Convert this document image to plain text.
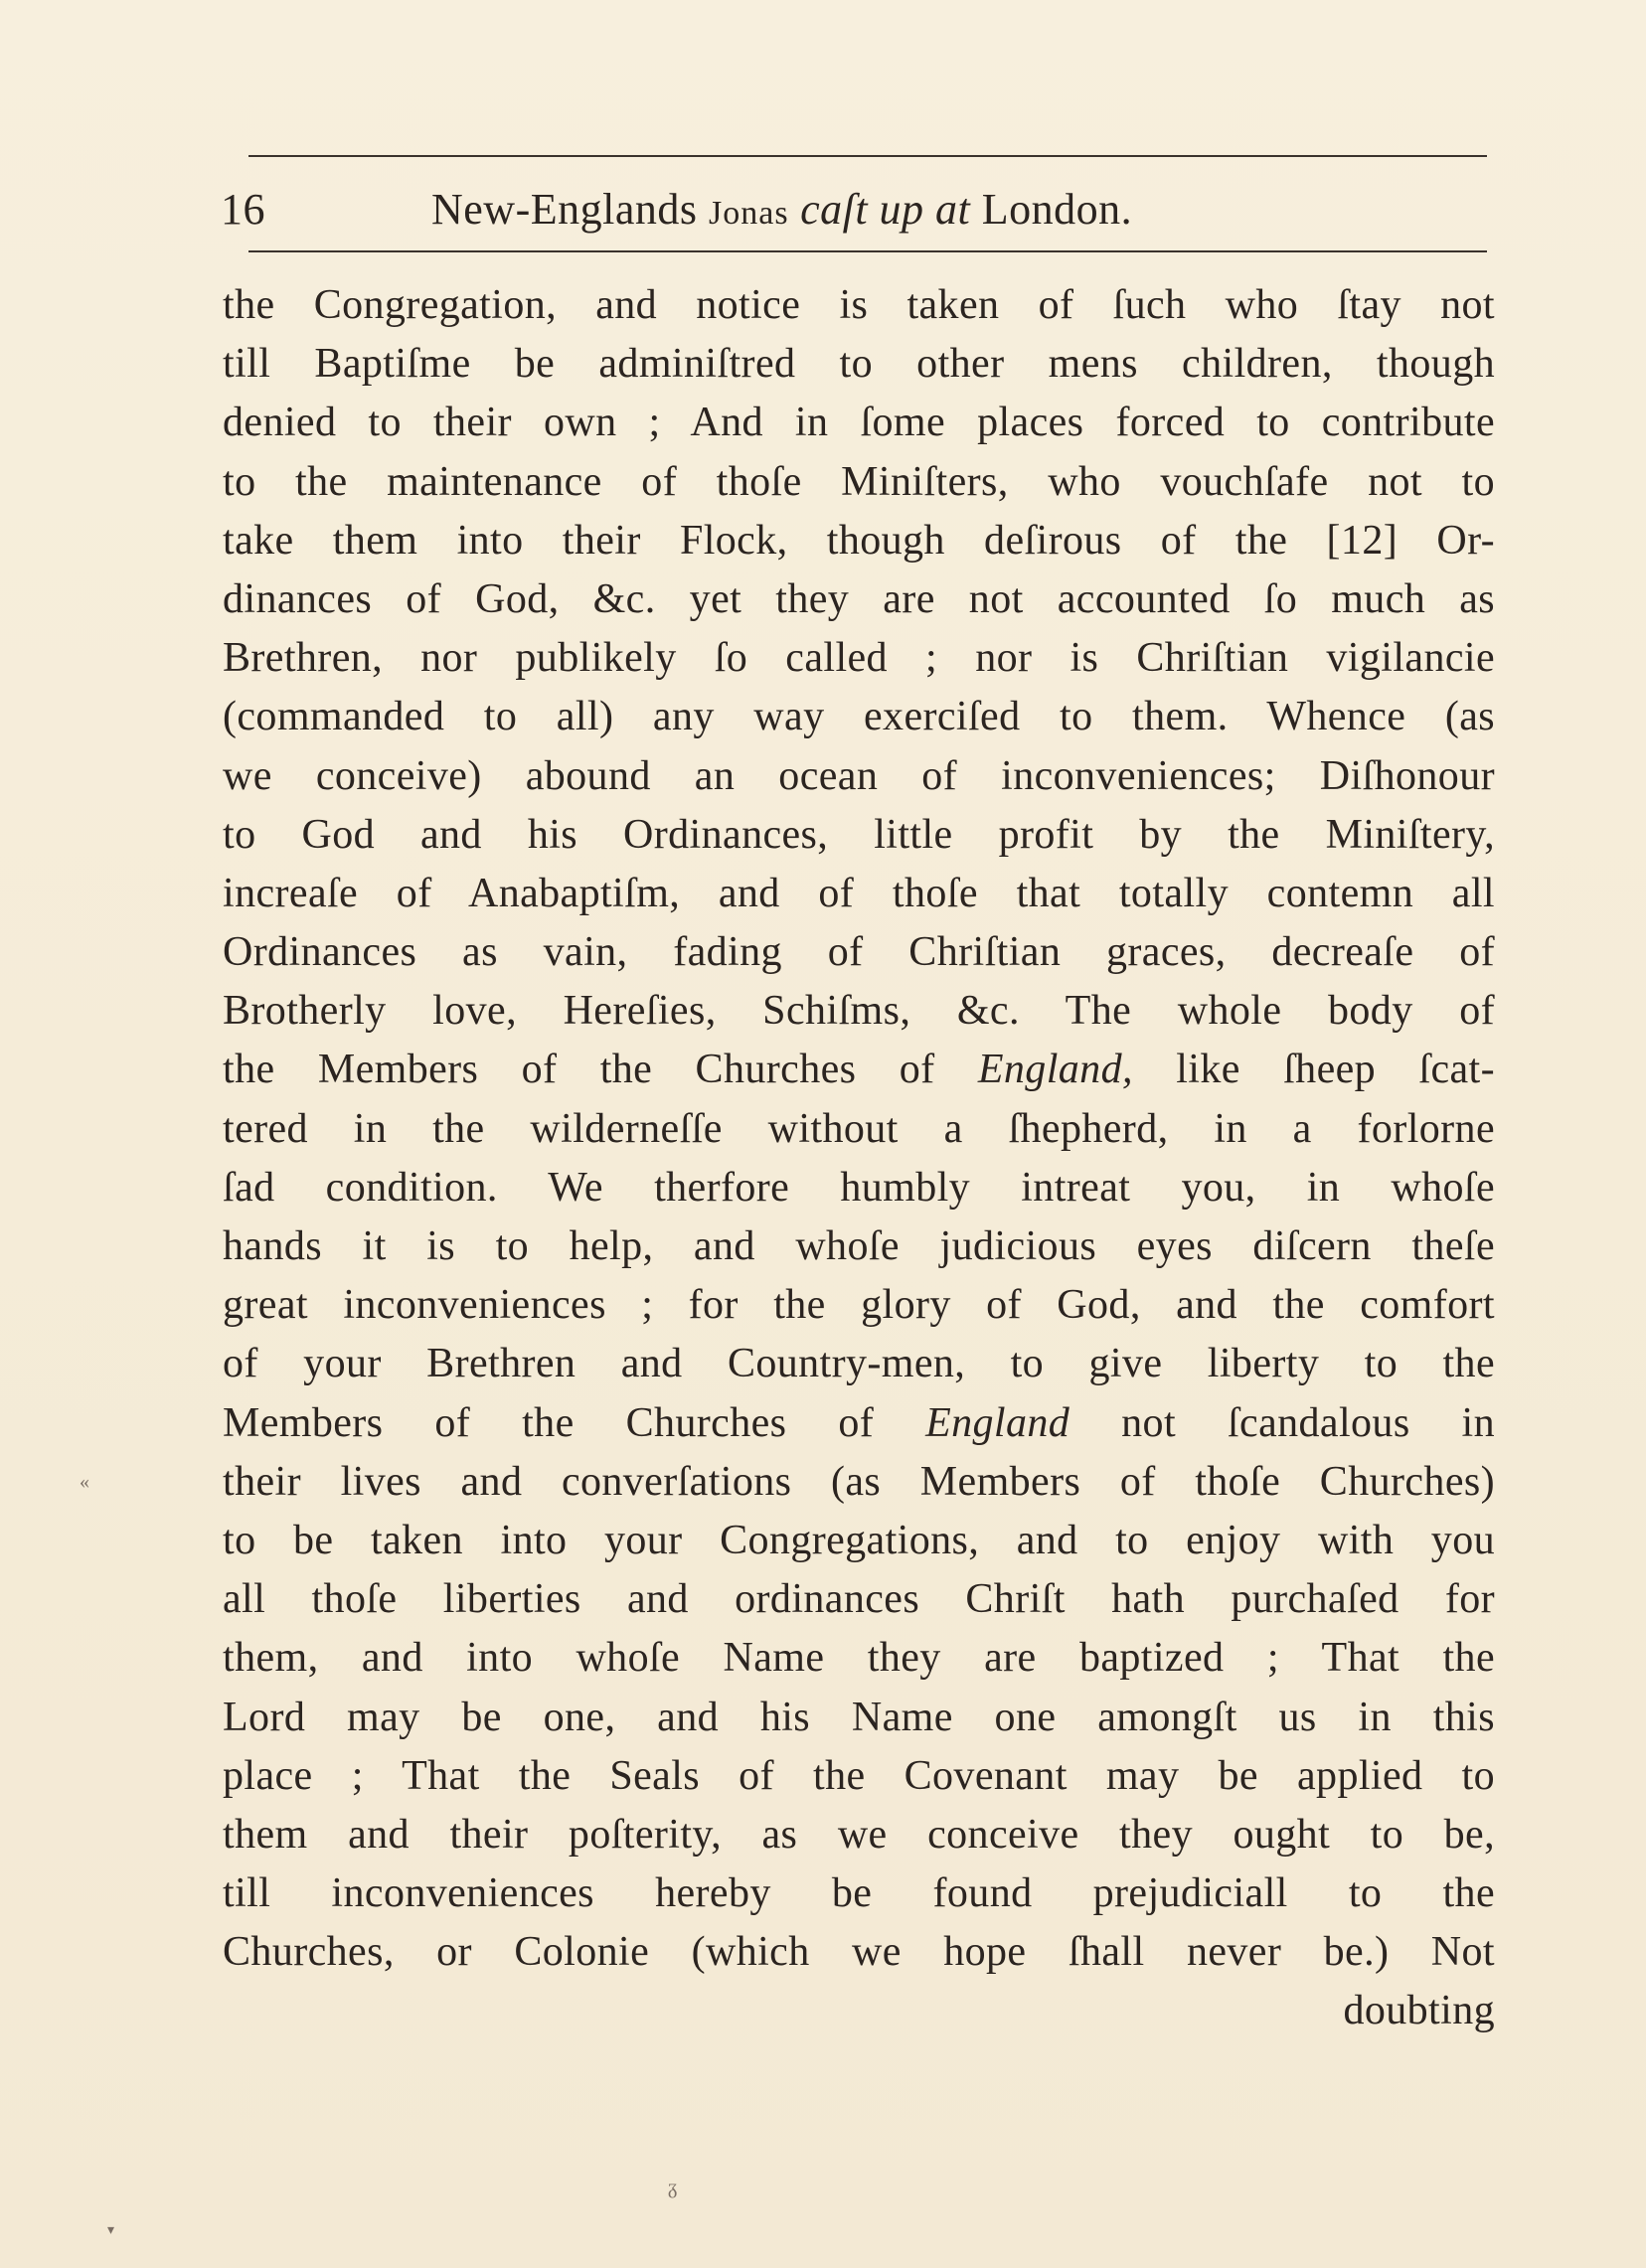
16	New-Englands Jonas caſt up at London.
the Congregation, and notice is taken of ſuch who ſtay not
till Baptiſme be adminiſtred to other mens children, though
denied to their own ; And in ſome places forced to contribute
to the maintenance of thoſe Miniſters, who vouchſafe not to
take them into their Flock, though deſirous of the [12] Or-
dinances of God, &c. yet they are not accounted ſo much as
Brethren, nor publikely ſo called ; nor is Chriſtian vigilancie
(commanded to all) any way exerciſed to them. Whence (as
we conceive) abound an ocean of inconveniences; Diſhonour
to God and his Ordinances, little profit by the Miniſtery,
increaſe of Anabaptiſm, and of thoſe that totally contemn all
Ordinances as vain, fading of Chriſtian graces, decreaſe of
Brotherly love, Hereſies, Schiſms, &c. The whole body of
the Members of the Churches of England, like ſheep ſcat-
tered in the wilderneſſe without a ſhepherd, in a forlorne
ſad condition. We therfore humbly intreat you, in whoſe
hands it is to help, and whoſe judicious eyes diſcern theſe
great inconveniences ; for the glory of God, and the comfort
of your Brethren and Country-men, to give liberty to the
Members of the Churches of England not ſcandalous in
their lives and converſations (as Members of thoſe Churches)
to be taken into your Congregations, and to enjoy with you
all thoſe liberties and ordinances Chriſt hath purchaſed for
them, and into whoſe Name they are baptized ; That the
Lord may be one, and his Name one amongſt us in this
place ; That the Seals of the Covenant may be applied to
them and their poſterity, as we conceive they ought to be,
till inconveniences hereby be found prejudiciall to the
Churches, or Colonie (which we hope ſhall never be.) Not
doubting
«
ᵹ
▾
